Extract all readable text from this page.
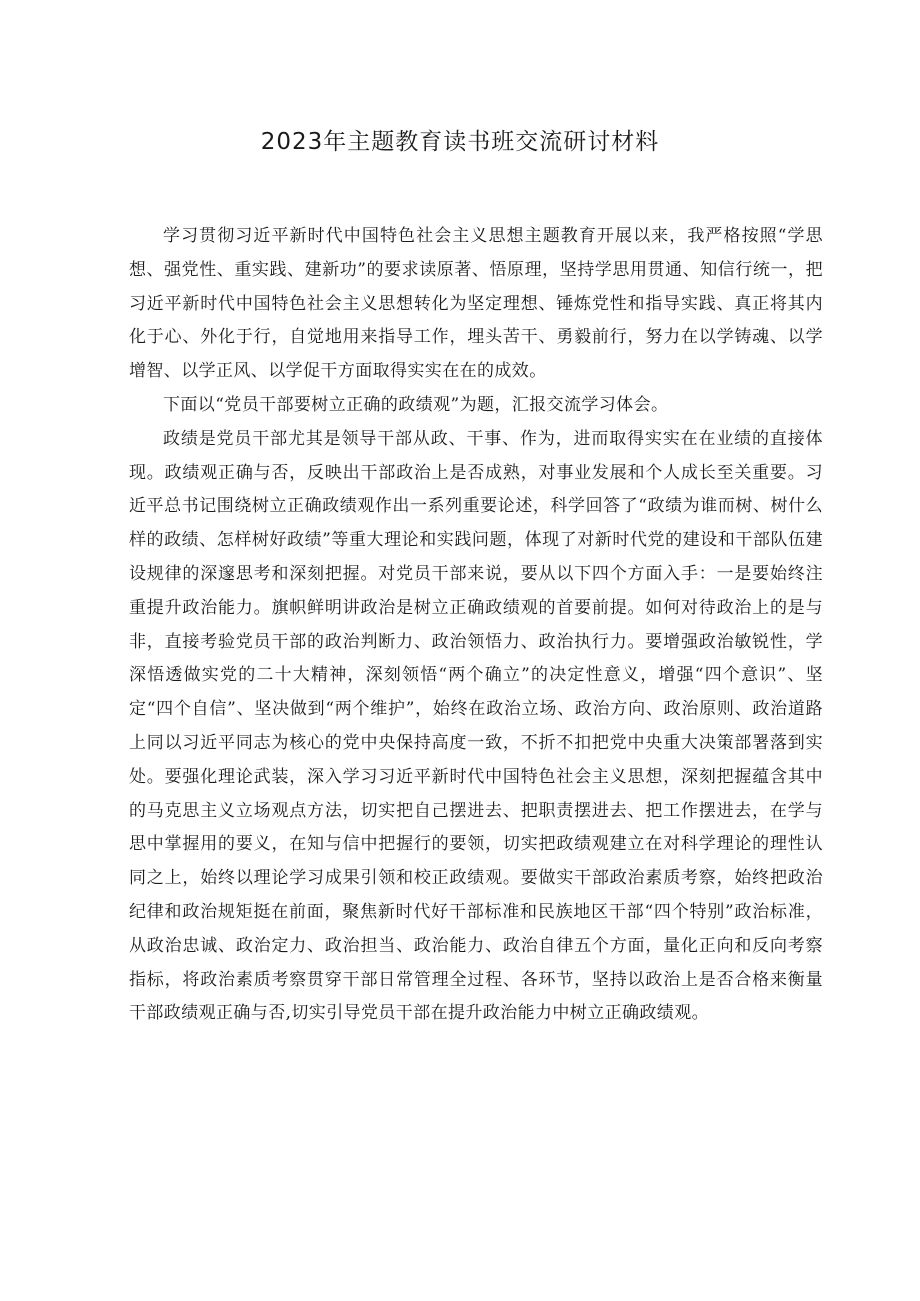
2023年主题教育读书班交流研讨材料

学习贯彻习近平新时代中国特色社会主义思想主题教育开展以来，我严格按照“学思想、强党性、重实践、建新功”的要求读原著、悟原理，坚持学思用贯通、知信行统一，把习近平新时代中国特色社会主义思想转化为坚定理想、锤炼党性和指导实践、真正将其内化于心、外化于行，自觉地用来指导工作，埋头苦干、勇毅前行，努力在以学铸魂、以学增智、以学正风、以学促干方面取得实实在在的成效。

下面以“党员干部要树立正确的政绩观”为题，汇报交流学习体会。

政绩是党员干部尤其是领导干部从政、干事、作为，进而取得实实在在业绩的直接体现。政绩观正确与否，反映出干部政治上是否成熟，对事业发展和个人成长至关重要。习近平总书记围绕树立正确政绩观作出一系列重要论述，科学回答了“政绩为谁而树、树什么样的政绩、怎样树好政绩”等重大理论和实践问题，体现了对新时代党的建设和干部队伍建设规律的深邃思考和深刻把握。对党员干部来说，要从以下四个方面入手：一是要始终注重提升政治能力。旗帜鲜明讲政治是树立正确政绩观的首要前提。如何对待政治上的是与非，直接考验党员干部的政治判断力、政治领悟力、政治执行力。要增强政治敏锐性，学深悟透做实党的二十大精神，深刻领悟“两个确立”的决定性意义，增强“四个意识”、坚定“四个自信”、坚决做到“两个维护”，始终在政治立场、政治方向、政治原则、政治道路上同以习近平同志为核心的党中央保持高度一致，不折不扣把党中央重大决策部署落到实处。要强化理论武装，深入学习习近平新时代中国特色社会主义思想，深刻把握蕴含其中的马克思主义立场观点方法，切实把自己摆进去、把职责摆进去、把工作摆进去，在学与思中掌握用的要义，在知与信中把握行的要领，切实把政绩观建立在对科学理论的理性认同之上，始终以理论学习成果引领和校正政绩观。要做实干部政治素质考察，始终把政治纪律和政治规矩挺在前面，聚焦新时代好干部标准和民族地区干部“四个特别”政治标准，从政治忠诚、政治定力、政治担当、政治能力、政治自律五个方面，量化正向和反向考察指标，将政治素质考察贯穿干部日常管理全过程、各环节，坚持以政治上是否合格来衡量干部政绩观正确与否,切实引导党员干部在提升政治能力中树立正确政绩观。
